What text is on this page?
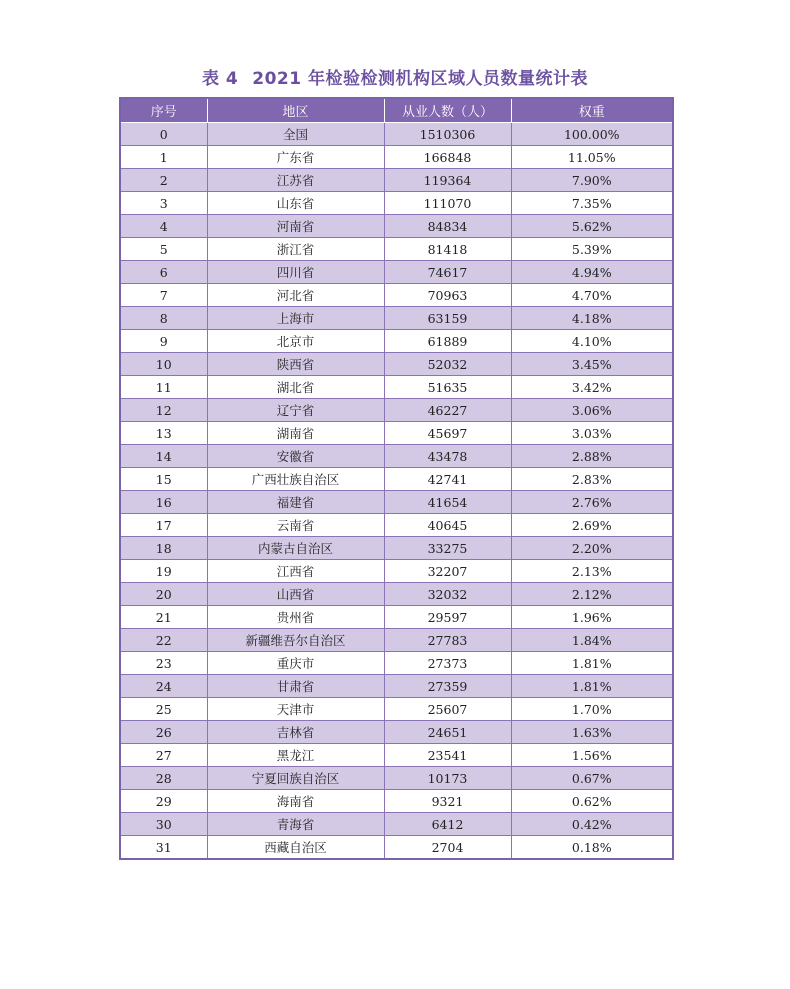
表 4 2021 年检验检测机构区域人员数量统计表
序号	地区	从业人数（人）	权重
0	全国	1510306	100.00%
1	广东省	166848	11.05%
2	江苏省	119364	7.90%
3	山东省	111070	7.35%
4	河南省	84834	5.62%
5	浙江省	81418	5.39%
6	四川省	74617	4.94%
7	河北省	70963	4.70%
8	上海市	63159	4.18%
9	北京市	61889	4.10%
10	陕西省	52032	3.45%
11	湖北省	51635	3.42%
12	辽宁省	46227	3.06%
13	湖南省	45697	3.03%
14	安徽省	43478	2.88%
15	广西壮族自治区	42741	2.83%
16	福建省	41654	2.76%
17	云南省	40645	2.69%
18	内蒙古自治区	33275	2.20%
19	江西省	32207	2.13%
20	山西省	32032	2.12%
21	贵州省	29597	1.96%
22	新疆维吾尔自治区	27783	1.84%
23	重庆市	27373	1.81%
24	甘肃省	27359	1.81%
25	天津市	25607	1.70%
26	吉林省	24651	1.63%
27	黑龙江	23541	1.56%
28	宁夏回族自治区	10173	0.67%
29	海南省	9321	0.62%
30	青海省	6412	0.42%
31	西藏自治区	2704	0.18%
